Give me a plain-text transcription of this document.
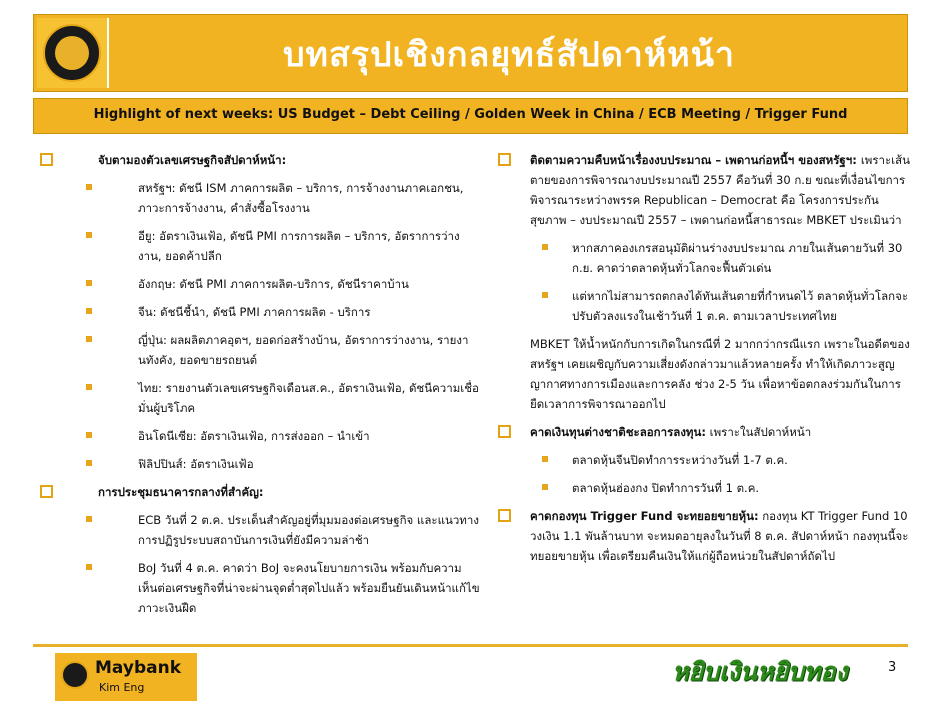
บทสรุปเชิงกลยุทธ์สัปดาห์หน้า
Highlight of next weeks: US Budget – Debt Ceiling / Golden Week in China / ECB Meeting / Trigger Fund
จับตามองตัวเลขเศรษฐกิจสัปดาห์หน้า:
สหรัฐฯ: ดัชนี ISM ภาคการผลิต – บริการ, การจ้างงานภาคเอกชน, ภาวะการจ้างงาน, คำสั่งซื้อโรงงาน
อียู: อัตราเงินเฟ้อ, ดัชนี PMI การการผลิต – บริการ, อัตราการว่างงาน, ยอดค้าปลีก
อังกฤษ: ดัชนี PMI ภาคการผลิต-บริการ, ดัชนีราคาบ้าน
จีน: ดัชนีชี้นำ, ดัชนี PMI ภาคการผลิต - บริการ
ญี่ปุ่น: ผลผลิตภาคอุตฯ, ยอดก่อสร้างบ้าน, อัตราการว่างงาน, รายงานทังคัง, ยอดขายรถยนต์
ไทย: รายงานตัวเลขเศรษฐกิจเดือนส.ค., อัตราเงินเฟ้อ, ดัชนีความเชื่อมั่นผู้บริโภค
อินโดนีเซีย: อัตราเงินเฟ้อ, การส่งออก – นำเข้า
ฟิลิปปินส์: อัตราเงินเฟ้อ
การประชุมธนาคารกลางที่สำคัญ:
ECB วันที่ 2 ต.ค. ประเด็นสำคัญอยู่ที่มุมมองต่อเศรษฐกิจ และแนวทางการปฏิรูประบบสถาบันการเงินที่ยังมีความล่าช้า
BoJ วันที่ 4 ต.ค. คาดว่า BoJ จะคงนโยบายการเงิน พร้อมกับความเห็นต่อเศรษฐกิจที่น่าจะผ่านจุดต่ำสุดไปแล้ว พร้อมยืนยันเดินหน้าแก้ไขภาวะเงินฝืด
ติดตามความคืบหน้าเรื่องงบประมาณ – เพดานก่อหนี้ฯ ของสหรัฐฯ: เพราะเส้นตายของการพิจารณางบประมาณปี 2557 คือวันที่ 30 ก.ย ขณะที่เงื่อนไขการพิจารณาระหว่างพรรค Republican – Democrat คือ โครงการประกันสุขภาพ – งบประมาณปี 2557 – เพดานก่อหนี้สาธารณะ MBKET ประเมินว่า
หากสภาคองเกรสอนุมัติผ่านร่างงบประมาณ ภายในเส้นตายวันที่ 30 ก.ย. คาดว่าตลาดหุ้นทั่วโลกจะฟื้นตัวเด่น
แต่หากไม่สามารถตกลงได้ทันเส้นตายที่กำหนดไว้ ตลาดหุ้นทั่วโลกจะปรับตัวลงแรงในเช้าวันที่ 1 ต.ค. ตามเวลาประเทศไทย
MBKET ให้น้ำหนักกับการเกิดในกรณีที่ 2 มากกว่ากรณีแรก เพราะในอดีตของสหรัฐฯ เคยเผชิญกับความเสี่ยงดังกล่าวมาแล้วหลายครั้ง ทำให้เกิดภาวะสูญญากาศทางการเมืองและการคลัง ช่วง 2-5 วัน เพื่อหาข้อตกลงร่วมกันในการยืดเวลาการพิจารณาออกไป
คาดเงินทุนต่างชาติชะลอการลงทุน: เพราะในสัปดาห์หน้า
ตลาดหุ้นจีนปิดทำการระหว่างวันที่ 1-7 ต.ค.
ตลาดหุ้นฮ่องกง ปิดทำการวันที่ 1 ต.ค.
คาดกองทุน Trigger Fund จะทยอยขายหุ้น: กองทุน KT Trigger Fund 10 วงเงิน 1.1 พันล้านบาท จะหมดอายุลงในวันที่ 8 ต.ค. สัปดาห์หน้า กองทุนนี้จะทยอยขายหุ้น เพื่อเตรียมคืนเงินให้แก่ผู้ถือหน่วยในสัปดาห์ถัดไป
Maybank
Kim Eng
หยิบเงินหยิบทอง	3
